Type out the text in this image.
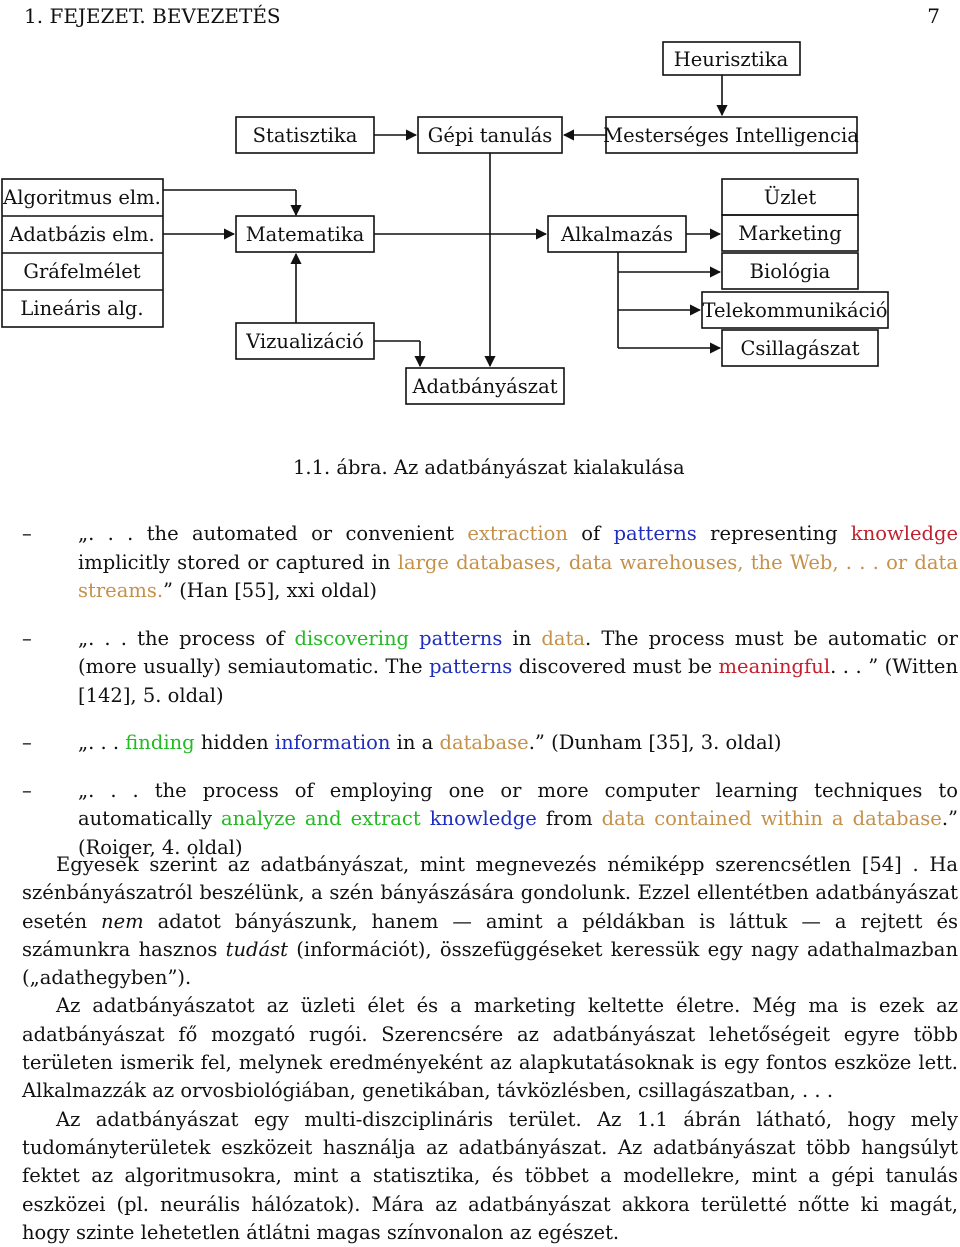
1. FEJEZET. BEVEZETÉS	7
Heurisztika
Statisztika	Gépi tanulás	Mesterséges Intelligencia
Algoritmus elm.
Adatbázis elm.
Gráfelmélet
Lineáris alg.
Matematika
Vizualizáció
Alkalmazás
Adatbányászat
Üzlet
Marketing
Biológia
Telekommunikáció
Csillagászat
1.1. ábra. Az adatbányászat kialakulása
– „. . . the automated or convenient extraction of patterns representing knowledge implicitly stored or captured in large databases, data warehouses, the Web, . . . or data streams.” (Han [55], xxi oldal)
– „. . . the process of discovering patterns in data. The process must be automatic or (more usually) semiautomatic. The patterns discovered must be meaningful. . . ” (Witten [142], 5. oldal)
– „. . . finding hidden information in a database.” (Dunham [35], 3. oldal)
– „. . . the process of employing one or more computer learning techniques to automatically analyze and extract knowledge from data contained within a database.” (Roiger, 4. oldal)

Egyesek szerint az adatbányászat, mint megnevezés némiképp szerencsétlen [54] . Ha szénbányászatról beszélünk, a szén bányászására gondolunk. Ezzel ellentétben adatbányászat esetén nem adatot bányászunk, hanem — amint a példákban is láttuk — a rejtett és számunkra hasznos tudást (információt), összefüggéseket keressük egy nagy adathalmazban („adathegyben”).

Az adatbányászatot az üzleti élet és a marketing keltette életre. Még ma is ezek az adatbányászat fő mozgató rugói. Szerencsére az adatbányászat lehetőségeit egyre több területen ismerik fel, melynek eredményeként az alapkutatásoknak is egy fontos eszköze lett. Alkalmazzák az orvosbiológiában, genetikában, távközlésben, csillagászatban, . . .

Az adatbányászat egy multi-diszciplináris terület. Az 1.1 ábrán látható, hogy mely tudományterületek eszközeit használja az adatbányászat. Az adatbányászat több hangsúlyt fektet az algoritmusokra, mint a statisztika, és többet a modellekre, mint a gépi tanulás eszközei (pl. neurális hálózatok). Mára az adatbányászat akkora területté nőtte ki magát, hogy szinte lehetetlen átlátni magas színvonalon az egészet.
